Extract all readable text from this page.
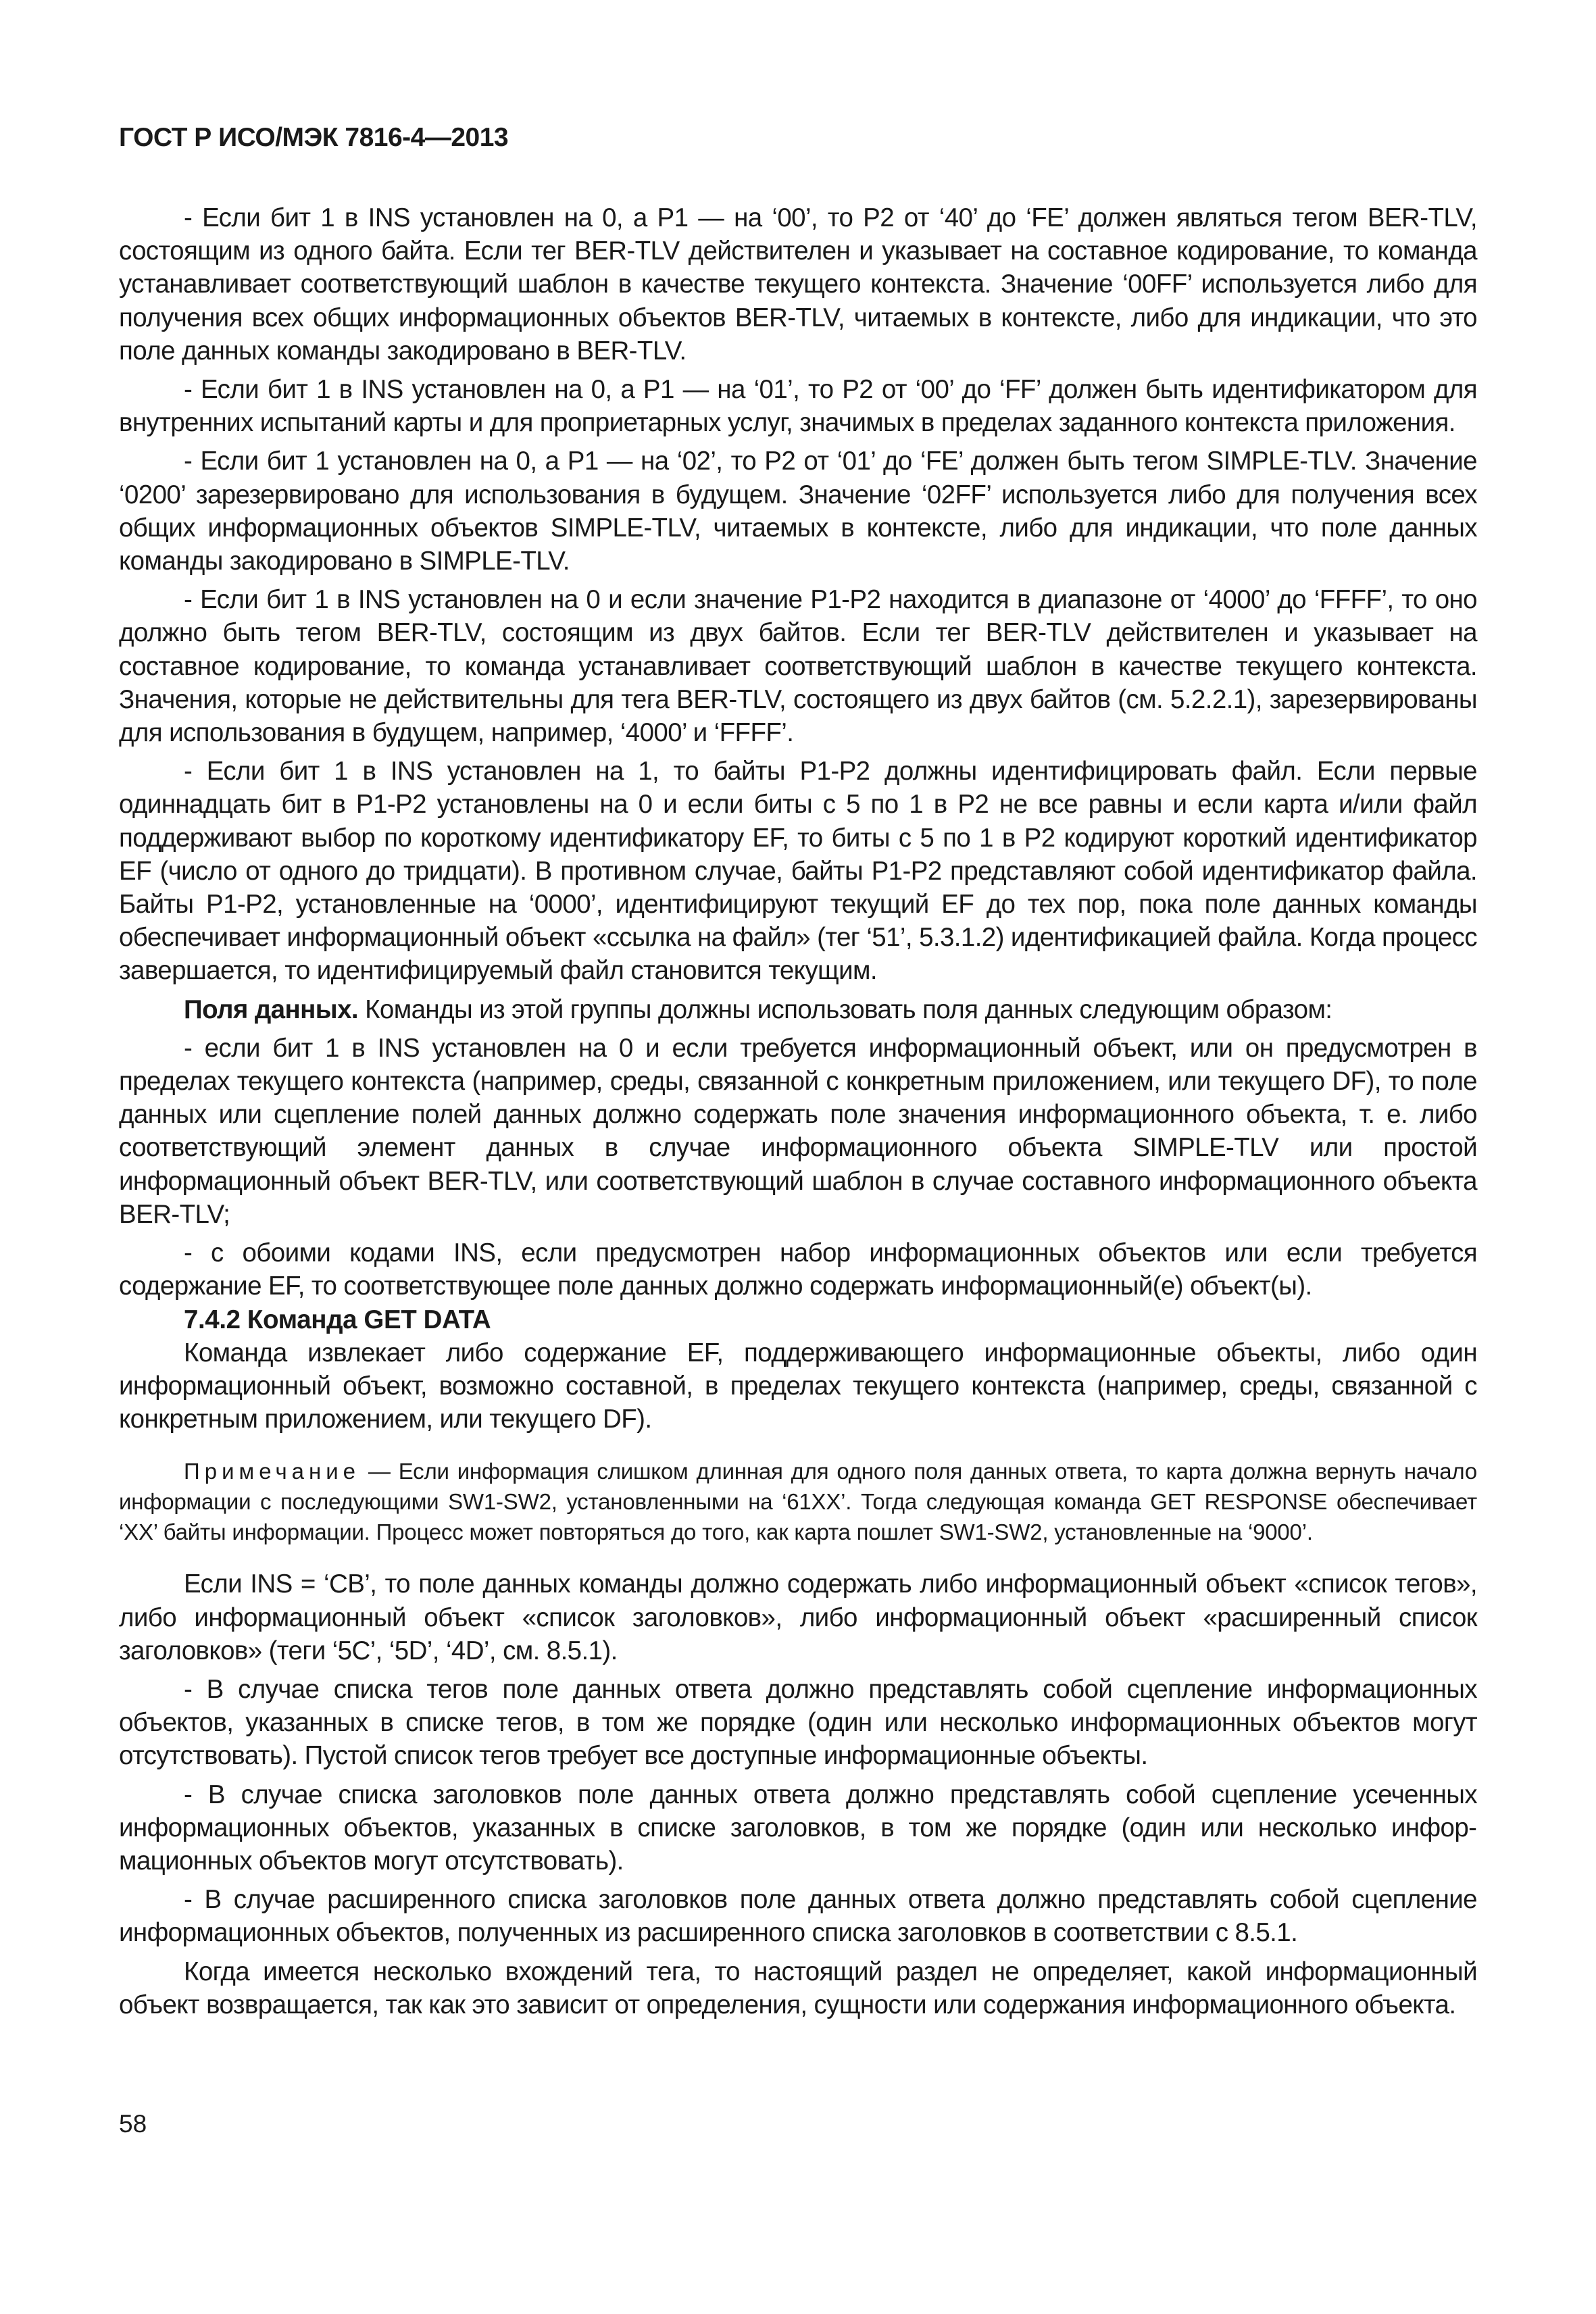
ГОСТ Р ИСО/МЭК 7816-4—2013

- Если бит 1 в INS установлен на 0, а P1 — на ‘00’, то P2 от ‘40’ до ‘FE’ должен являться тегом BER-TLV, состоящим из одного байта. Если тег BER-TLV действителен и указывает на составное кодирование, то команда устанавливает соответствующий шаблон в качестве текущего контекста. Значение ‘00FF’ используется либо для получения всех общих информационных объектов BER-TLV, читаемых в контексте, либо для индикации, что это поле данных команды закодировано в BER-TLV.

- Если бит 1 в INS установлен на 0, а P1 — на ‘01’, то P2 от ‘00’ до ‘FF’ должен быть идентификатором для внутренних испытаний карты и для проприетарных услуг, значимых в пределах заданного контекста приложения.

- Если бит 1 установлен на 0, а P1 — на ‘02’, то P2 от ‘01’ до ‘FE’ должен быть тегом SIMPLE-TLV. Значение ‘0200’ зарезервировано для использования в будущем. Значение ‘02FF’ используется либо для получения всех общих информационных объектов SIMPLE-TLV, читаемых в контексте, либо для индикации, что поле данных команды закодировано в SIMPLE-TLV.

- Если бит 1 в INS установлен на 0 и если значение P1-P2 находится в диапазоне от ‘4000’ до ‘FFFF’, то оно должно быть тегом BER-TLV, состоящим из двух байтов. Если тег BER-TLV действителен и указывает на составное кодирование, то команда устанавливает соответствующий шаблон в качестве текущего контекста. Значения, которые не действительны для тега BER-TLV, состоящего из двух байтов (см. 5.2.2.1), зарезервированы для использования в будущем, например, ‘4000’ и ‘FFFF’.

- Если бит 1 в INS установлен на 1, то байты P1-P2 должны идентифицировать файл. Если первые одиннадцать бит в P1-P2 установлены на 0 и если биты с 5 по 1 в P2 не все равны и если карта и/или файл поддерживают выбор по короткому идентификатору EF, то биты с 5 по 1 в P2 кодируют короткий идентификатор EF (число от одного до тридцати). В противном случае, байты P1-P2 представляют собой идентификатор файла. Байты P1-P2, установленные на ‘0000’, идентифицируют текущий EF до тех пор, пока поле данных команды обеспечивает информационный объект «ссылка на файл» (тег ‘51’, 5.3.1.2) идентификацией файла. Когда процесс завершается, то идентифицируемый файл становится текущим.

Поля данных. Команды из этой группы должны использовать поля данных следующим образом:

- если бит 1 в INS установлен на 0 и если требуется информационный объект, или он предусмотрен в пределах текущего контекста (например, среды, связанной с конкретным приложением, или текущего DF), то поле данных или сцепление полей данных должно содержать поле значения информационного объекта, т. е. либо соответствующий элемент данных в случае информационного объекта SIMPLE-TLV или простой информационный объект BER-TLV, или соответствующий шаблон в случае составного информационного объекта BER-TLV;

- с обоими кодами INS, если предусмотрен набор информационных объектов или если требуется содержание EF, то соответствующее поле данных должно содержать информационный(е) объект(ы).

7.4.2 Команда GET DATA

Команда извлекает либо содержание EF, поддерживающего информационные объекты, либо один информационный объект, возможно составной, в пределах текущего контекста (например, среды, связанной с конкретным приложением, или текущего DF).

Примечание — Если информация слишком длинная для одного поля данных ответа, то карта должна вернуть начало информации с последующими SW1-SW2, установленными на ‘61XX’. Тогда следующая команда GET RESPONSE обеспечивает ‘XX’ байты информации. Процесс может повторяться до того, как карта пошлет SW1-SW2, установленные на ‘9000’.

Если INS = ‘CB’, то поле данных команды должно содержать либо информационный объект «список тегов», либо информационный объект «список заголовков», либо информационный объект «расширенный список заголовков» (теги ‘5C’, ‘5D’, ‘4D’, см. 8.5.1).

- В случае списка тегов поле данных ответа должно представлять собой сцепление информационных объектов, указанных в списке тегов, в том же порядке (один или несколько информационных объектов могут отсутствовать). Пустой список тегов требует все доступные информационные объекты.

- В случае списка заголовков поле данных ответа должно представлять собой сцепление усеченных информационных объектов, указанных в списке заголовков, в том же порядке (один или несколько информационных объектов могут отсутствовать).

- В случае расширенного списка заголовков поле данных ответа должно представлять собой сцепление информационных объектов, полученных из расширенного списка заголовков в соответствии с 8.5.1.

Когда имеется несколько вхождений тега, то настоящий раздел не определяет, какой информационный объект возвращается, так как это зависит от определения, сущности или содержания информационного объекта.

58
